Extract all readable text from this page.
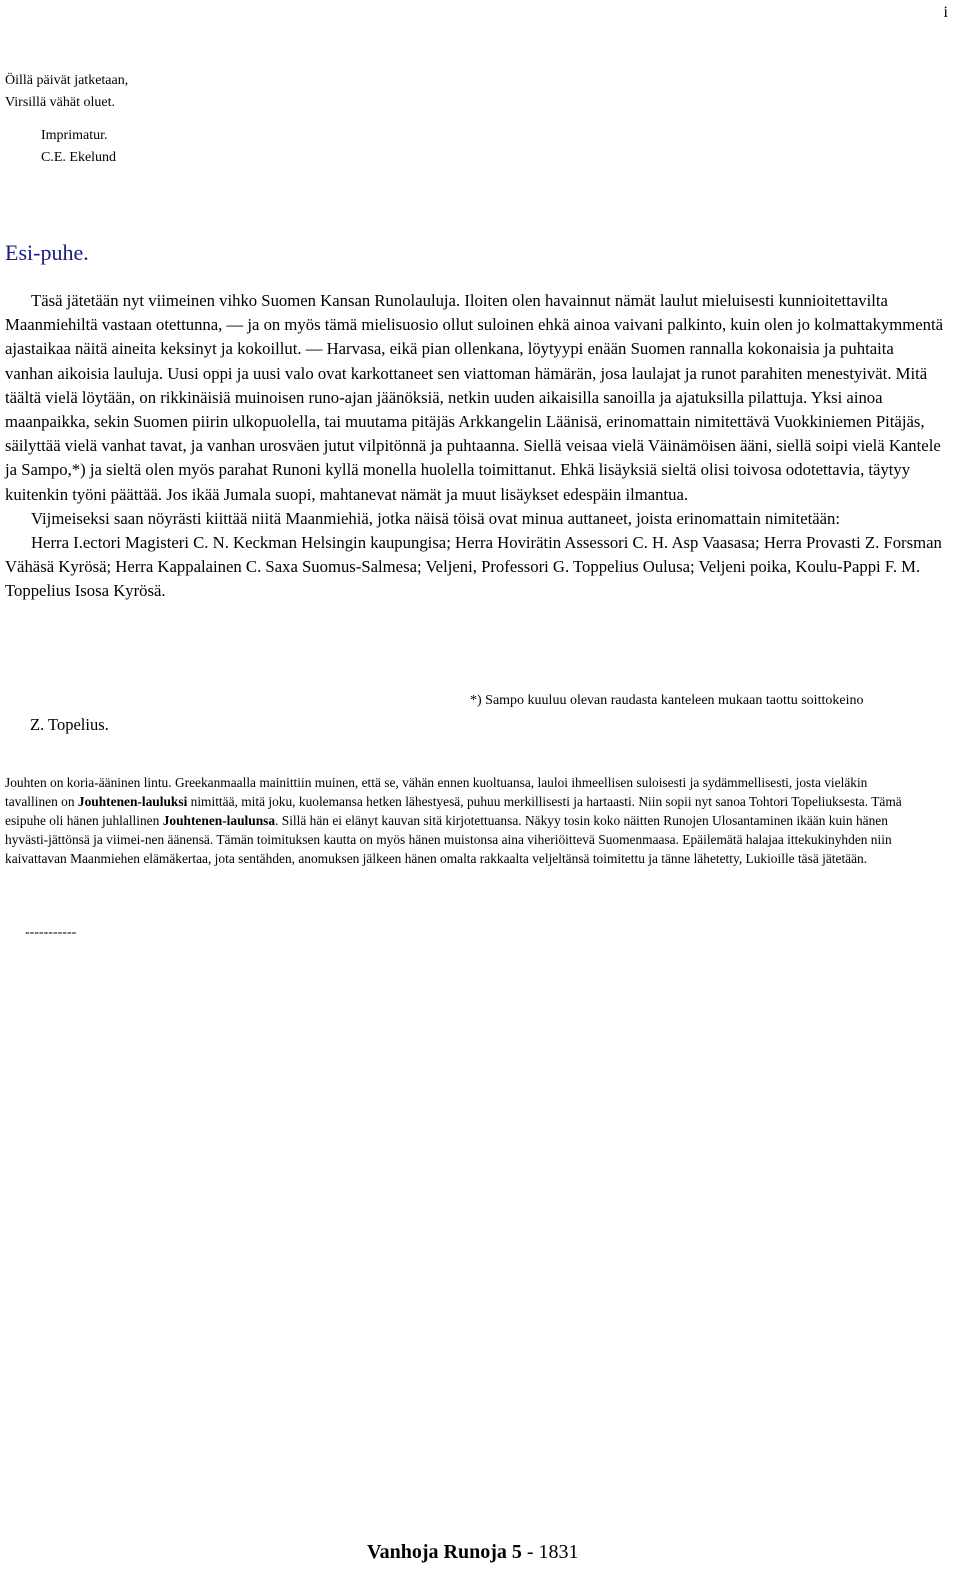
i
Öillä päivät jatketaan,
Virsillä vähät oluet.
Imprimatur.
C.E. Ekelund
Esi-puhe.

Täsä jätetään nyt viimeinen vihko Suomen Kansan Runolauluja. Iloiten olen havainnut nämät laulut mieluisesti kunnioitettavilta Maanmiehiltä vastaan otettunna, — ja on myös tämä mielisuosio ollut suloinen ehkä ainoa vaivani palkinto, kuin olen jo kolmattakymmentä ajastaikaa näitä aineita keksinyt ja kokoillut. — Harvasa, eikä pian ollenkana, löytyypi enään Suomen rannalla kokonaisia ja puhtaita vanhan aikoisia lauluja. Uusi oppi ja uusi valo ovat karkottaneet sen viattoman hämärän, josa laulajat ja runot parahiten menestyivät. Mitä täältä vielä löytään, on rikkinäisiä muinoisen runo-ajan jäänöksiä, netkin uuden aikaisilla sanoilla ja ajatuksilla pilattuja. Yksi ainoa maanpaikka, sekin Suomen piirin ulkopuolella, tai muutama pitäjäs Arkkangelin Läänisä, erinomattain nimitettävä Vuokkiniemen Pitäjäs, säilyttää vielä vanhat tavat, ja vanhan urosväen jutut vilpitönnä ja puhtaanna. Siellä veisaa vielä Väinämöisen ääni, siellä soipi vielä Kantele ja Sampo,*) ja sieltä olen myös parahat Runoni kyllä monella huolella toimittanut. Ehkä lisäyksiä sieltä olisi toivosa odotettavia, täytyy kuitenkin työni päättää. Jos ikää Jumala suopi, mahtanevat nämät ja muut lisäykset edespäin ilmantua.

Vijmeiseksi saan nöyrästi kiittää niitä Maanmiehiä, jotka näisä töisä ovat minua auttaneet, joista erinomattain nimitetään:

Herra I.ectori Magisteri C. N. Keckman Helsingin kaupungisa; Herra Hovirätin Assessori C. H. Asp Vaasasa; Herra Provasti Z. Forsman Vähäsä Kyrösä; Herra Kappalainen C. Saxa Suomus-Salmesa; Veljeni, Professori G. Toppelius Oulusa; Veljeni poika, Koulu-Pappi F. M. Toppelius Isosa Kyrösä.

*) Sampo kuuluu olevan raudasta kanteleen mukaan taottu soittokeino
Z. Topelius.
Jouhten on koria-ääninen lintu. Greekanmaalla mainittiin muinen, että se, vähän ennen kuoltuansa, lauloi ihmeellisen suloisesti ja sydämmellisesti, josta vieläkin tavallinen on Jouhtenen-lauluksi nimittää, mitä joku, kuolemansa hetken lähestyesä, puhuu merkillisesti ja hartaasti. Niin sopii nyt sanoa Tohtori Topeliuksesta. Tämä esipuhe oli hänen juhlallinen Jouhtenen-laulunsa. Sillä hän ei elänyt kauvan sitä kirjotettuansa. Näkyy tosin koko näitten Runojen Ulosantaminen ikään kuin hänen hyvästi-jättönsä ja viimei-nen äänensä. Tämän toimituksen kautta on myös hänen muistonsa aina viheriöittevä Suomenmaasa. Epäilemätä halajaa ittekukinyhden niin kaivattavan Maanmiehen elämäkertaa, jota sentähden, anomuksen jälkeen hänen omalta rakkaalta veljeltänsä toimitettu ja tänne lähetetty, Lukioille täsä jätetään.
-----------
Vanhoja Runoja 5 - 1831
